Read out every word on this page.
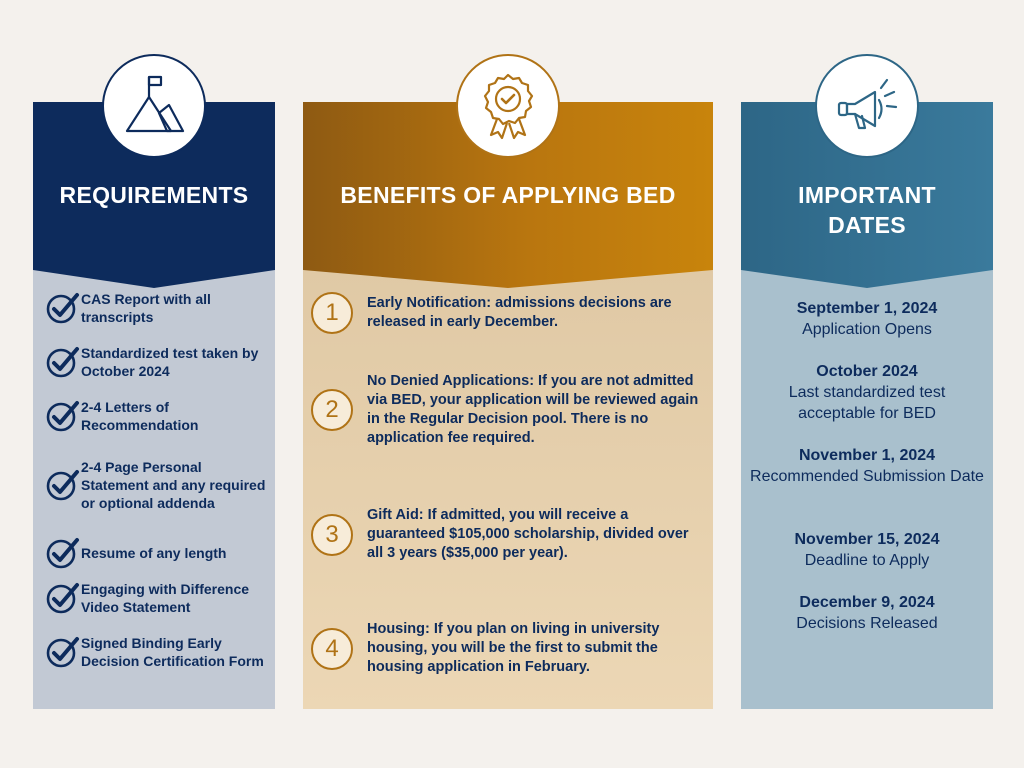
REQUIREMENTS
CAS Report with all transcripts
Standardized test taken by October 2024
2-4 Letters of Recommendation
2-4 Page Personal Statement and any required or optional addenda
Resume of any length
Engaging with Difference Video Statement
Signed Binding Early Decision Certification Form
BENEFITS OF APPLYING BED
1	Early Notification: admissions decisions are released in early December.
2
No Denied Applications: If you are not admitted via BED, your application will be reviewed again in the Regular Decision pool. There is no application fee required.
3
Gift Aid: If admitted, you will receive a guaranteed $105,000 scholarship, divided over all 3 years ($35,000 per year).
4
Housing: If you plan on living in university housing, you will be the first to submit the housing application in February.
IMPORTANT
DATES
September 1, 2024
Application Opens
October 2024
Last standardized test acceptable for BED
November 1, 2024
Recommended Submission Date
November 15, 2024
Deadline to Apply
December 9, 2024
Decisions Released
